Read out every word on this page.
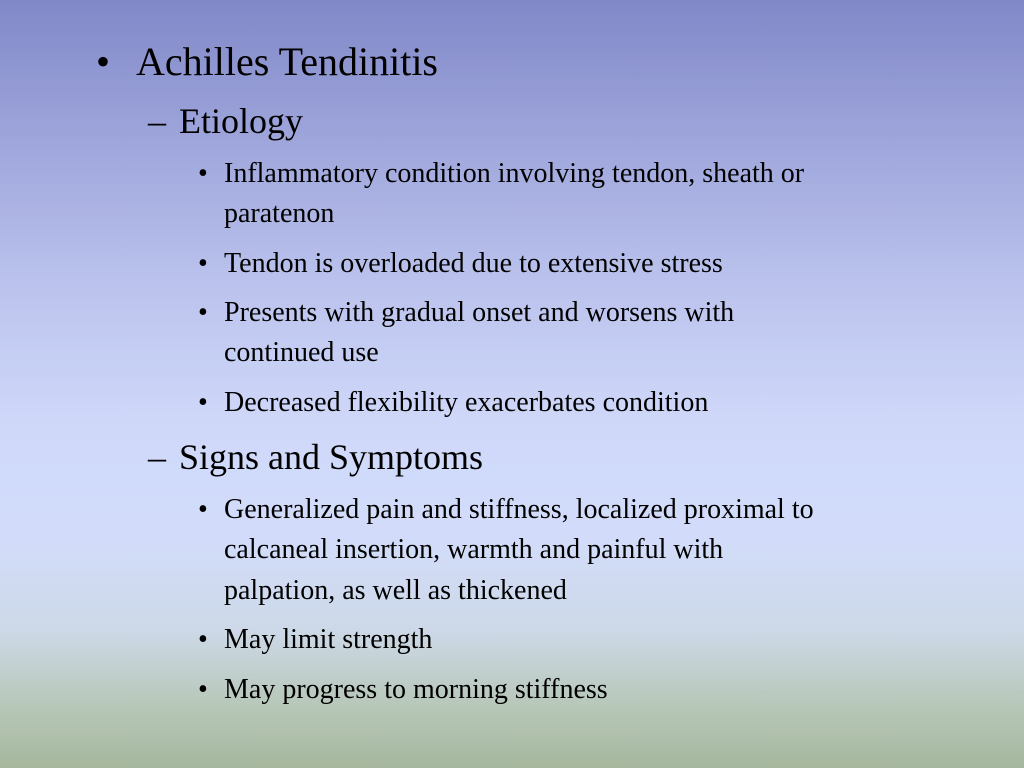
• Achilles Tendinitis
– Etiology
• Inflammatory condition involving tendon, sheath or
paratenon
• Tendon is overloaded due to extensive stress
• Presents with gradual onset and worsens with
continued use
• Decreased flexibility exacerbates condition
– Signs and Symptoms
• Generalized pain and stiffness, localized proximal to
calcaneal insertion, warmth and painful with
palpation, as well as thickened
• May limit strength
• May progress to morning stiffness
